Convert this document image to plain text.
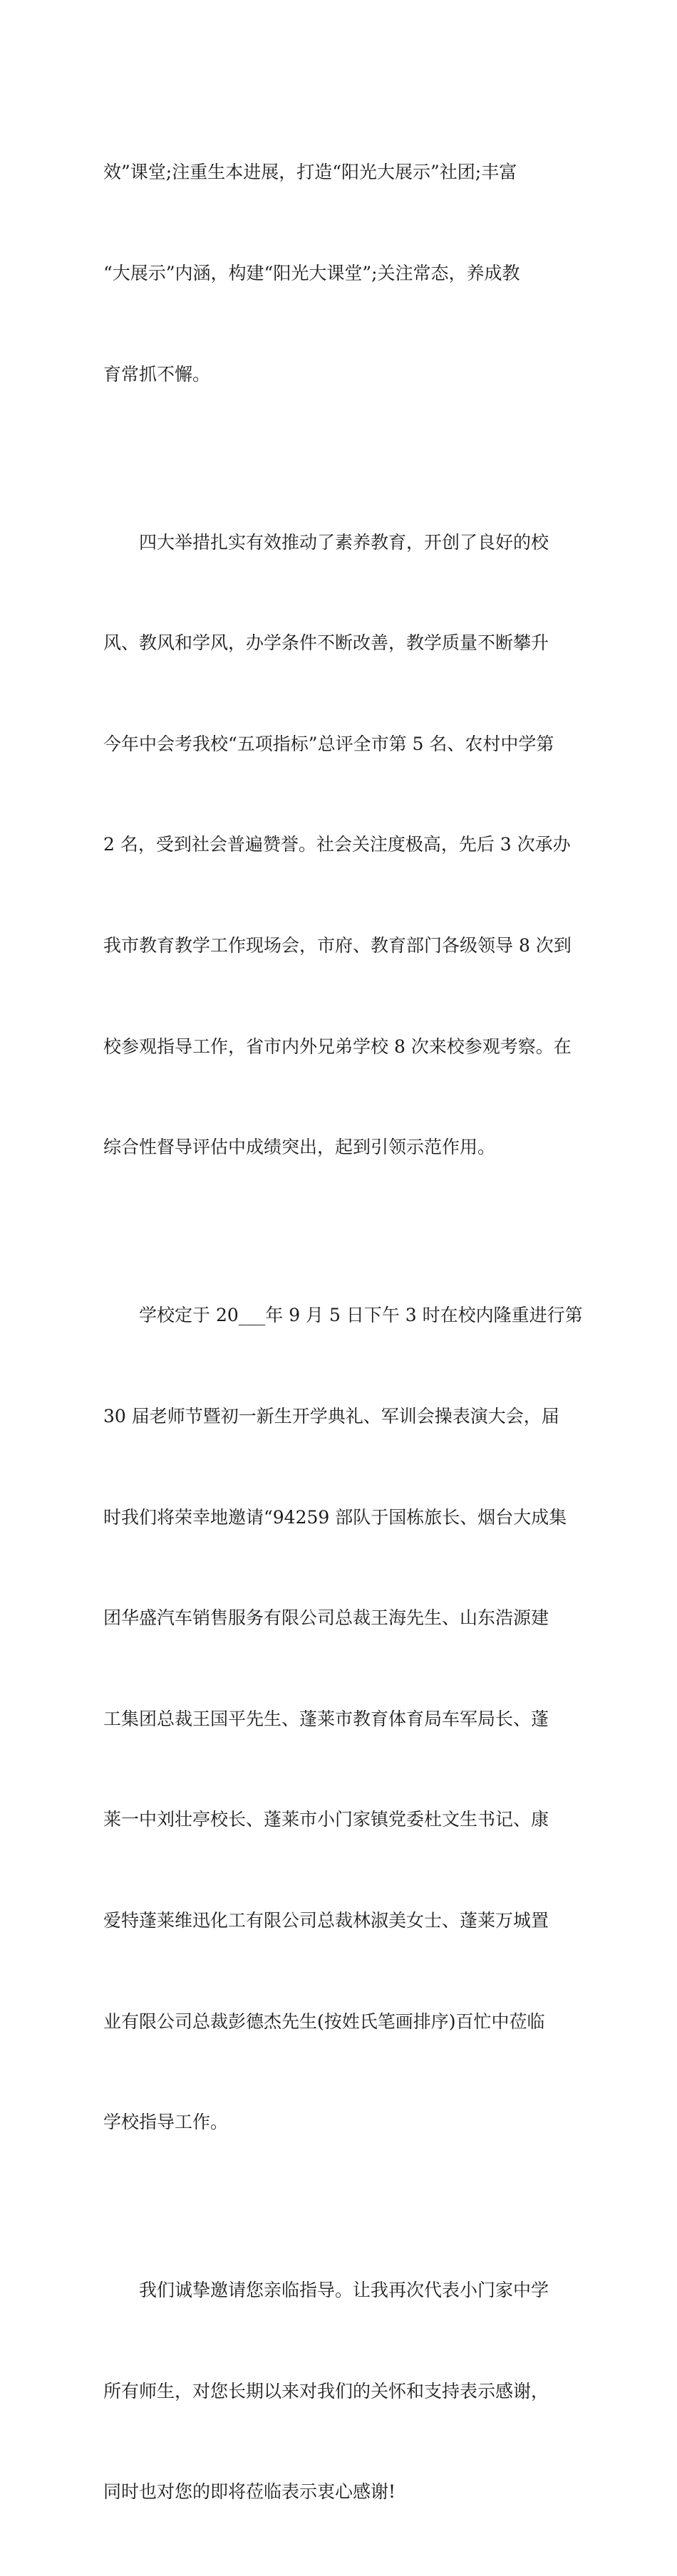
效”课堂;注重生本进展，打造“阳光大展示”社团;丰富

“大展示”内涵，构建“阳光大课堂”;关注常态，养成教

育常抓不懈。

四大举措扎实有效推动了素养教育，开创了良好的校

风、教风和学风，办学条件不断改善，教学质量不断攀升

今年中会考我校“五项指标”总评全市第 5 名、农村中学第

2 名，受到社会普遍赞誉。社会关注度极高，先后 3 次承办

我市教育教学工作现场会，市府、教育部门各级领导 8 次到

校参观指导工作，省市内外兄弟学校 8 次来校参观考察。在

综合性督导评估中成绩突出，起到引领示范作用。

学校定于 20___年 9 月 5 日下午 3 时在校内隆重进行第

30 届老师节暨初一新生开学典礼、军训会操表演大会，届

时我们将荣幸地邀请“94259 部队于国栋旅长、烟台大成集

团华盛汽车销售服务有限公司总裁王海先生、山东浩源建

工集团总裁王国平先生、蓬莱市教育体育局车军局长、蓬

莱一中刘壮亭校长、蓬莱市小门家镇党委杜文生书记、康

爱特蓬莱维迅化工有限公司总裁林淑美女士、蓬莱万城置

业有限公司总裁彭德杰先生(按姓氏笔画排序)百忙中莅临

学校指导工作。

我们诚挚邀请您亲临指导。让我再次代表小门家中学

所有师生，对您长期以来对我们的关怀和支持表示感谢，

同时也对您的即将莅临表示衷心感谢!
